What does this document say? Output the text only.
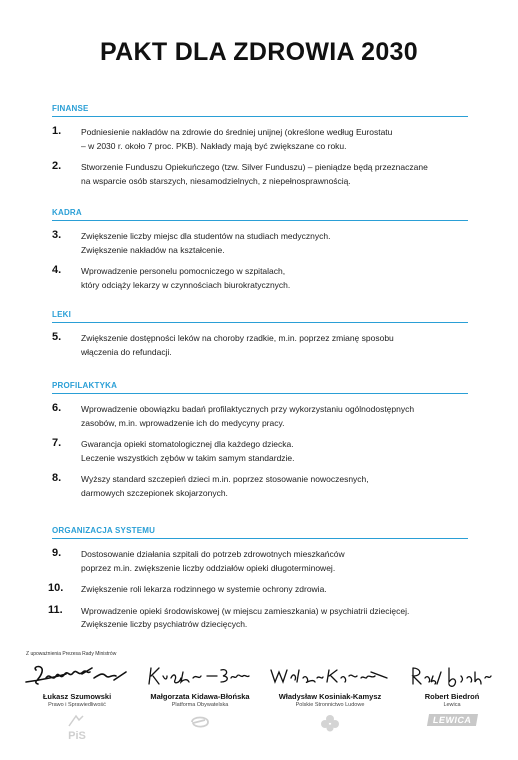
PAKT DLA ZDROWIA 2030
FINANSE
1. Podniesienie nakładów na zdrowie do średniej unijnej (określone według Eurostatu
– w 2030 r. około 7 proc. PKB). Nakłady mają być zwiększane co roku.
2. Stworzenie Funduszu Opiekuńczego (tzw. Silver Funduszu) – pieniądze będą przeznaczane
na wsparcie osób starszych, niesamodzielnych, z niepełnosprawnością.
KADRA
3. Zwiększenie liczby miejsc dla studentów na studiach medycznych.
Zwiększenie nakładów na kształcenie.
4. Wprowadzenie personelu pomocniczego w szpitalach,
który odciąży lekarzy w czynnościach biurokratycznych.
LEKI
5. Zwiększenie dostępności leków na choroby rzadkie, m.in. poprzez zmianę sposobu
włączenia do refundacji.
PROFILAKTYKA
6. Wprowadzenie obowiązku badań profilaktycznych przy wykorzystaniu ogólnodostępnych
zasobów, m.in. wprowadzenie ich do medycyny pracy.
7. Gwarancja opieki stomatologicznej dla każdego dziecka.
Leczenie wszystkich zębów w takim samym standardzie.
8. Wyższy standard szczepień dzieci m.in. poprzez stosowanie nowoczesnych,
darmowych szczepionek skojarzonych.
ORGANIZACJA SYSTEMU
9. Dostosowanie działania szpitali do potrzeb zdrowotnych mieszkańców
poprzez m.in. zwiększenie liczby oddziałów opieki długoterminowej.
10. Zwiększenie roli lekarza rodzinnego w systemie ochrony zdrowia.
11. Wprowadzenie opieki środowiskowej (w miejscu zamieszkania) w psychiatrii dziecięcej.
Zwiększenie liczby psychiatrów dziecięcych.
Z upoważnienia Prezesa Rady Ministrów
Łukasz Szumowski
Prawo i Sprawiedliwość
PiS
Małgorzata Kidawa-Błońska
Platforma Obywatelska
Władysław Kosiniak-Kamysz
Polskie Stronnictwo Ludowe
Robert Biedroń
Lewica
LEWICA
